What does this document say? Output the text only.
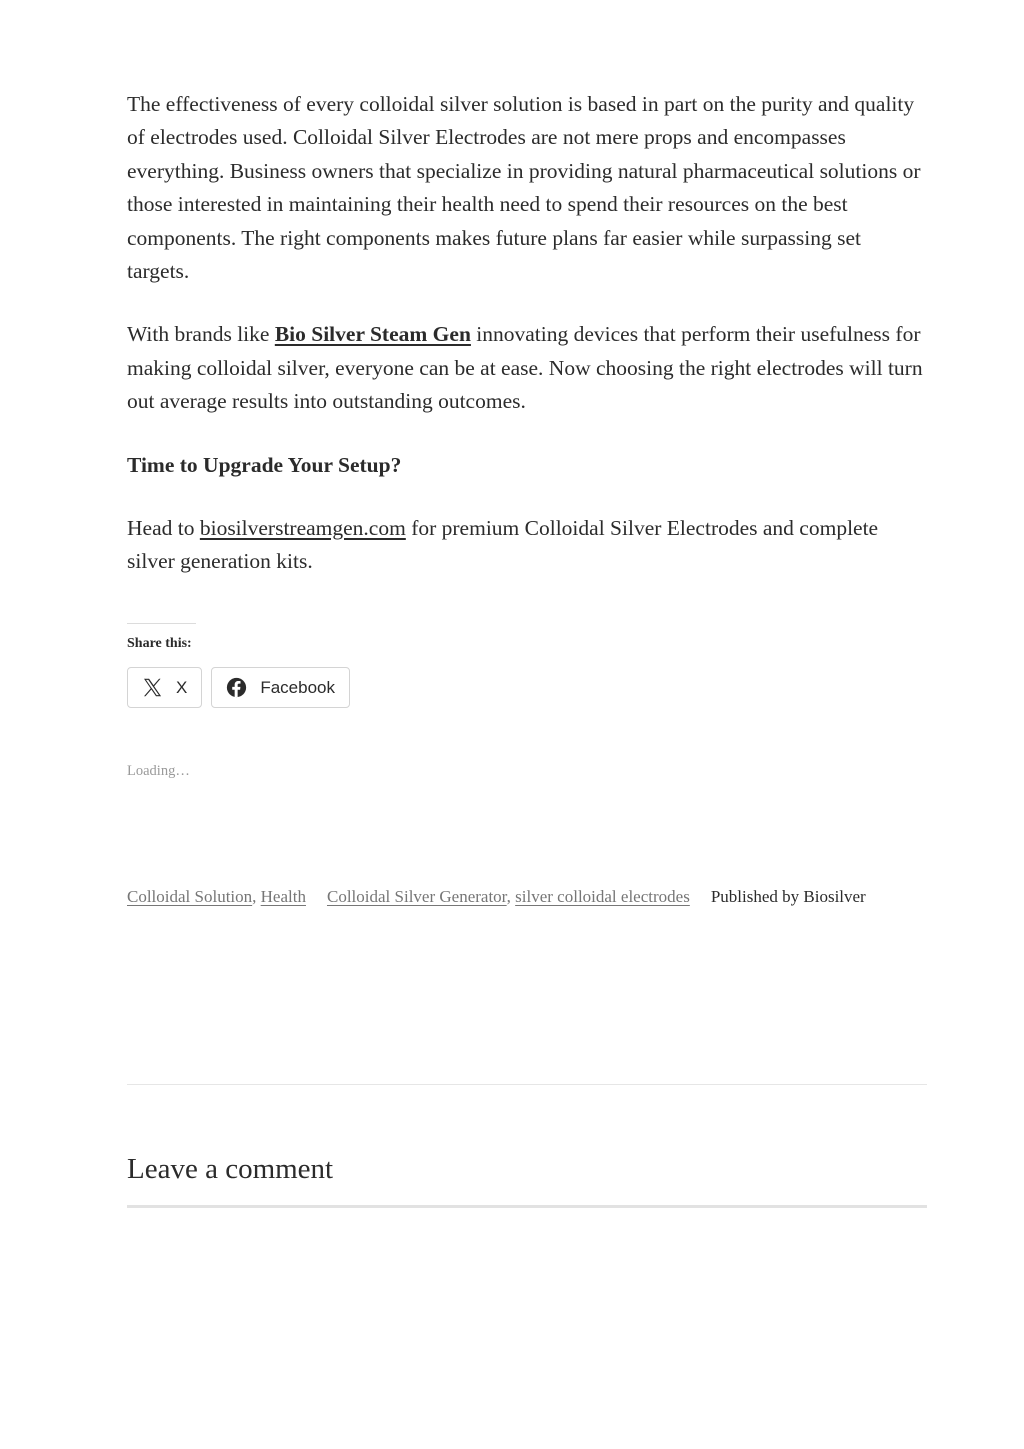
The effectiveness of every colloidal silver solution is based in part on the purity and quality of electrodes used. Colloidal Silver Electrodes are not mere props and encompasses everything. Business owners that specialize in providing natural pharmaceutical solutions or those interested in maintaining their health need to spend their resources on the best components. The right components makes future plans far easier while surpassing set targets.

With brands like Bio Silver Steam Gen innovating devices that perform their usefulness for making colloidal silver, everyone can be at ease. Now choosing the right electrodes will turn out average results into outstanding outcomes.

Time to Upgrade Your Setup?

Head to biosilverstreamgen.com for premium Colloidal Silver Electrodes and complete silver generation kits.

Share this:
X	Facebook
Loading…
Colloidal Solution, Health Colloidal Silver Generator, silver colloidal electrodes Published by Biosilver
Leave a comment
